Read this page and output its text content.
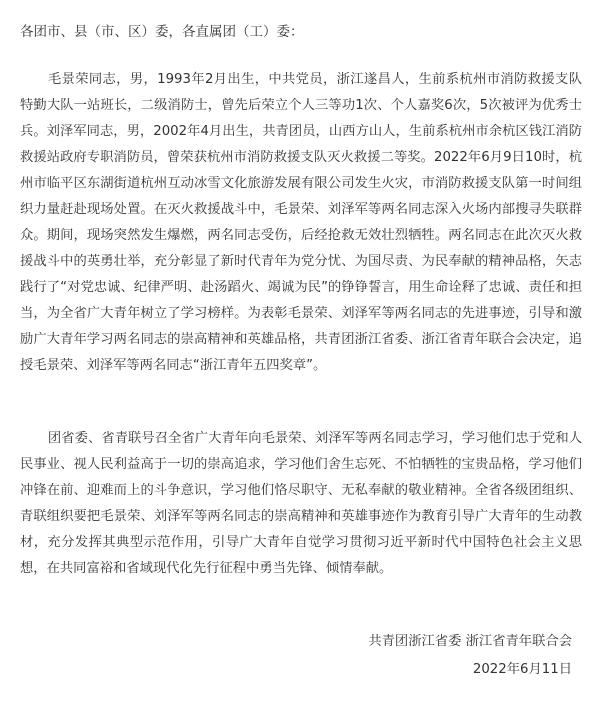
各团市、县（市、区）委，各直属团（工）委：

毛景荣同志，男，1993年2月出生，中共党员，浙江遂昌人，生前系杭州市消防救援支队特勤大队一站班长，二级消防士，曾先后荣立个人三等功1次、个人嘉奖6次，5次被评为优秀士兵。刘泽军同志，男，2002年4月出生，共青团员，山西方山人，生前系杭州市余杭区钱江消防救援站政府专职消防员，曾荣获杭州市消防救援支队灭火救援二等奖。2022年6月9日10时，杭州市临平区东湖街道杭州互动冰雪文化旅游发展有限公司发生火灾，市消防救援支队第一时间组织力量赶赴现场处置。在灭火救援战斗中，毛景荣、刘泽军等两名同志深入火场内部搜寻失联群众。期间，现场突然发生爆燃，两名同志受伤，后经抢救无效壮烈牺牲。两名同志在此次灭火救援战斗中的英勇壮举，充分彰显了新时代青年为党分忧、为国尽责、为民奉献的精神品格，矢志践行了“对党忠诚、纪律严明、赴汤蹈火、竭诚为民”的铮铮誓言，用生命诠释了忠诚、责任和担当，为全省广大青年树立了学习榜样。为表彰毛景荣、刘泽军等两名同志的先进事迹，引导和激励广大青年学习两名同志的崇高精神和英雄品格，共青团浙江省委、浙江省青年联合会决定，追授毛景荣、刘泽军等两名同志“浙江青年五四奖章”。

团省委、省青联号召全省广大青年向毛景荣、刘泽军等两名同志学习，学习他们忠于党和人民事业、视人民利益高于一切的崇高追求，学习他们舍生忘死、不怕牺牲的宝贵品格，学习他们冲锋在前、迎难而上的斗争意识，学习他们恪尽职守、无私奉献的敬业精神。全省各级团组织、青联组织要把毛景荣、刘泽军等两名同志的崇高精神和英雄事迹作为教育引导广大青年的生动教材，充分发挥其典型示范作用，引导广大青年自觉学习贯彻习近平新时代中国特色社会主义思想，在共同富裕和省域现代化先行征程中勇当先锋、倾情奉献。

共青团浙江省委 浙江省青年联合会
2022年6月11日
